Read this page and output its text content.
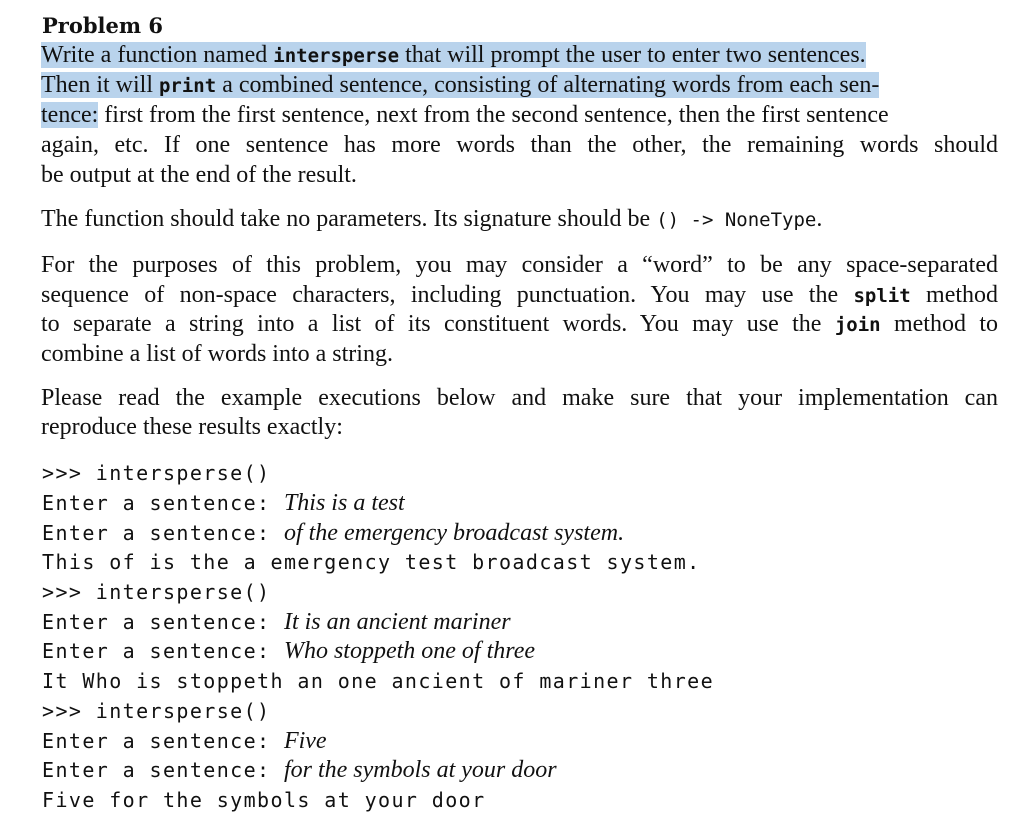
Problem 6
Write a function named intersperse that will prompt the user to enter two sentences.
Then it will print a combined sentence, consisting of alternating words from each sen-
tence: first from the first sentence, next from the second sentence, then the first sentence
again, etc. If one sentence has more words than the other, the remaining words should
be output at the end of the result.
The function should take no parameters. Its signature should be () -> NoneType.
For the purposes of this problem, you may consider a “word” to be any space-separated
sequence of non-space characters, including punctuation. You may use the split method
to separate a string into a list of its constituent words. You may use the join method to
combine a list of words into a string.
Please read the example executions below and make sure that your implementation can
reproduce these results exactly:
>>> intersperse()
Enter a sentence: This is a test
Enter a sentence: of the emergency broadcast system.
This of is the a emergency test broadcast system.
>>> intersperse()
Enter a sentence: It is an ancient mariner
Enter a sentence: Who stoppeth one of three
It Who is stoppeth an one ancient of mariner three
>>> intersperse()
Enter a sentence: Five
Enter a sentence: for the symbols at your door
Five for the symbols at your door
